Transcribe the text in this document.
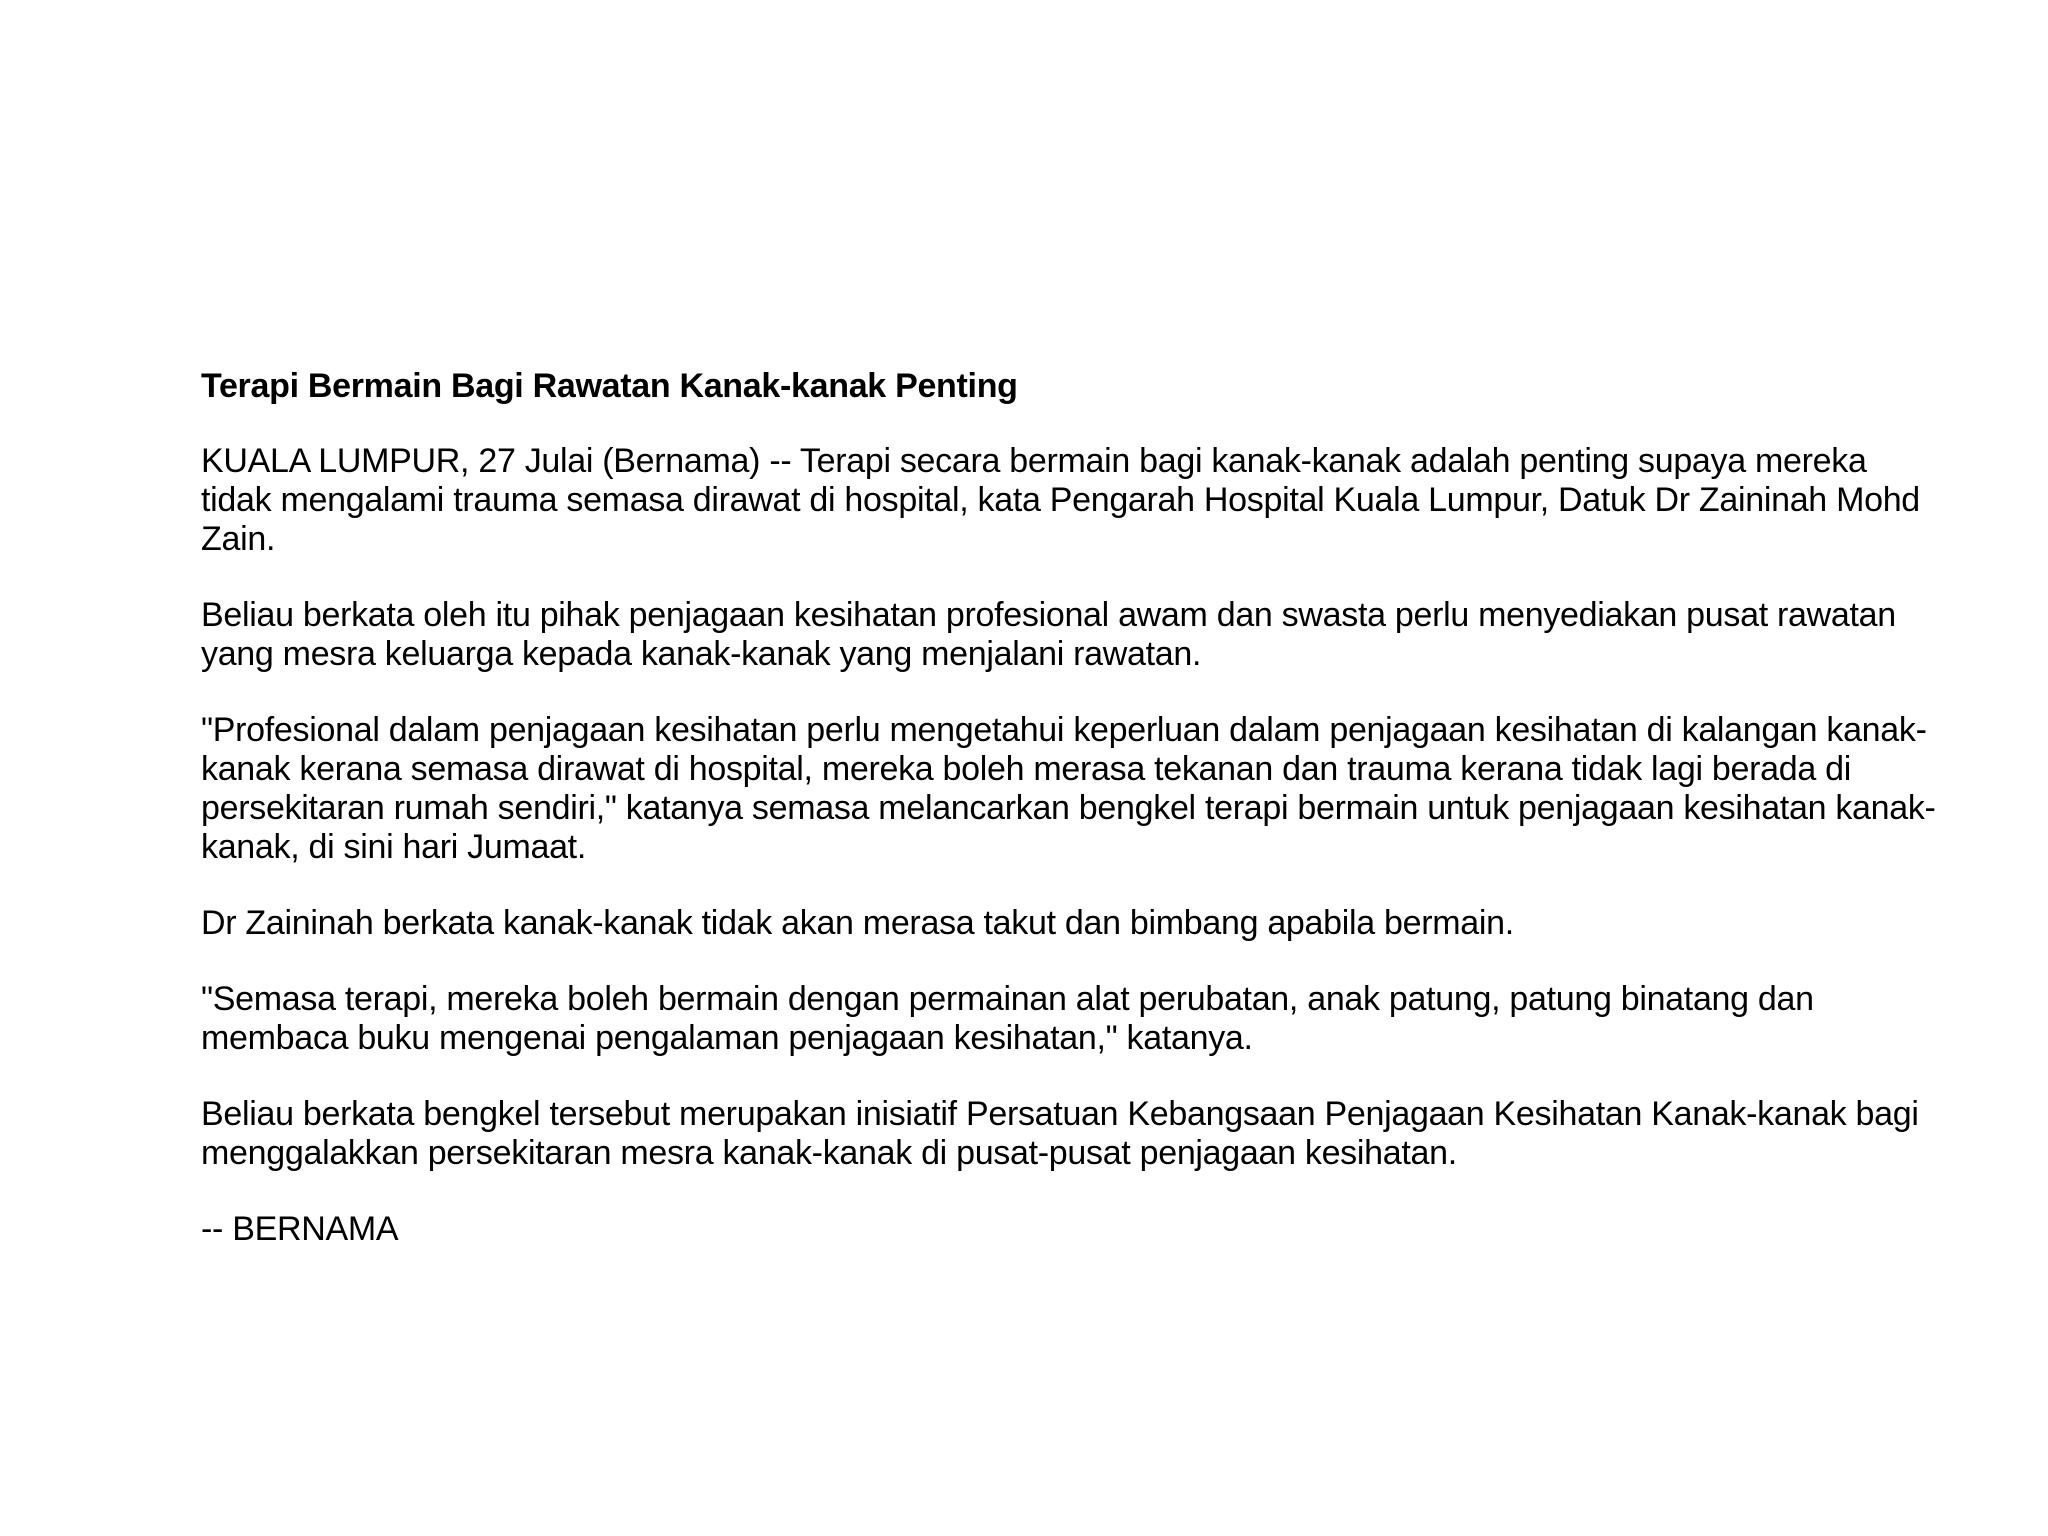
Terapi Bermain Bagi Rawatan Kanak-kanak Penting

KUALA LUMPUR, 27 Julai (Bernama) -- Terapi secara bermain bagi kanak-kanak adalah penting supaya mereka tidak mengalami trauma semasa dirawat di hospital, kata Pengarah Hospital Kuala Lumpur, Datuk Dr Zaininah Mohd Zain.

Beliau berkata oleh itu pihak penjagaan kesihatan profesional awam dan swasta perlu menyediakan pusat rawatan yang mesra keluarga kepada kanak-kanak yang menjalani rawatan.

"Profesional dalam penjagaan kesihatan perlu mengetahui keperluan dalam penjagaan kesihatan di kalangan kanak-kanak kerana semasa dirawat di hospital, mereka boleh merasa tekanan dan trauma kerana tidak lagi berada di persekitaran rumah sendiri," katanya semasa melancarkan bengkel terapi bermain untuk penjagaan kesihatan kanak-kanak, di sini hari Jumaat.

Dr Zaininah berkata kanak-kanak tidak akan merasa takut dan bimbang apabila bermain.

"Semasa terapi, mereka boleh bermain dengan permainan alat perubatan, anak patung, patung binatang dan membaca buku mengenai pengalaman penjagaan kesihatan," katanya.

Beliau berkata bengkel tersebut merupakan inisiatif Persatuan Kebangsaan Penjagaan Kesihatan Kanak-kanak bagi menggalakkan persekitaran mesra kanak-kanak di pusat-pusat penjagaan kesihatan.

-- BERNAMA
